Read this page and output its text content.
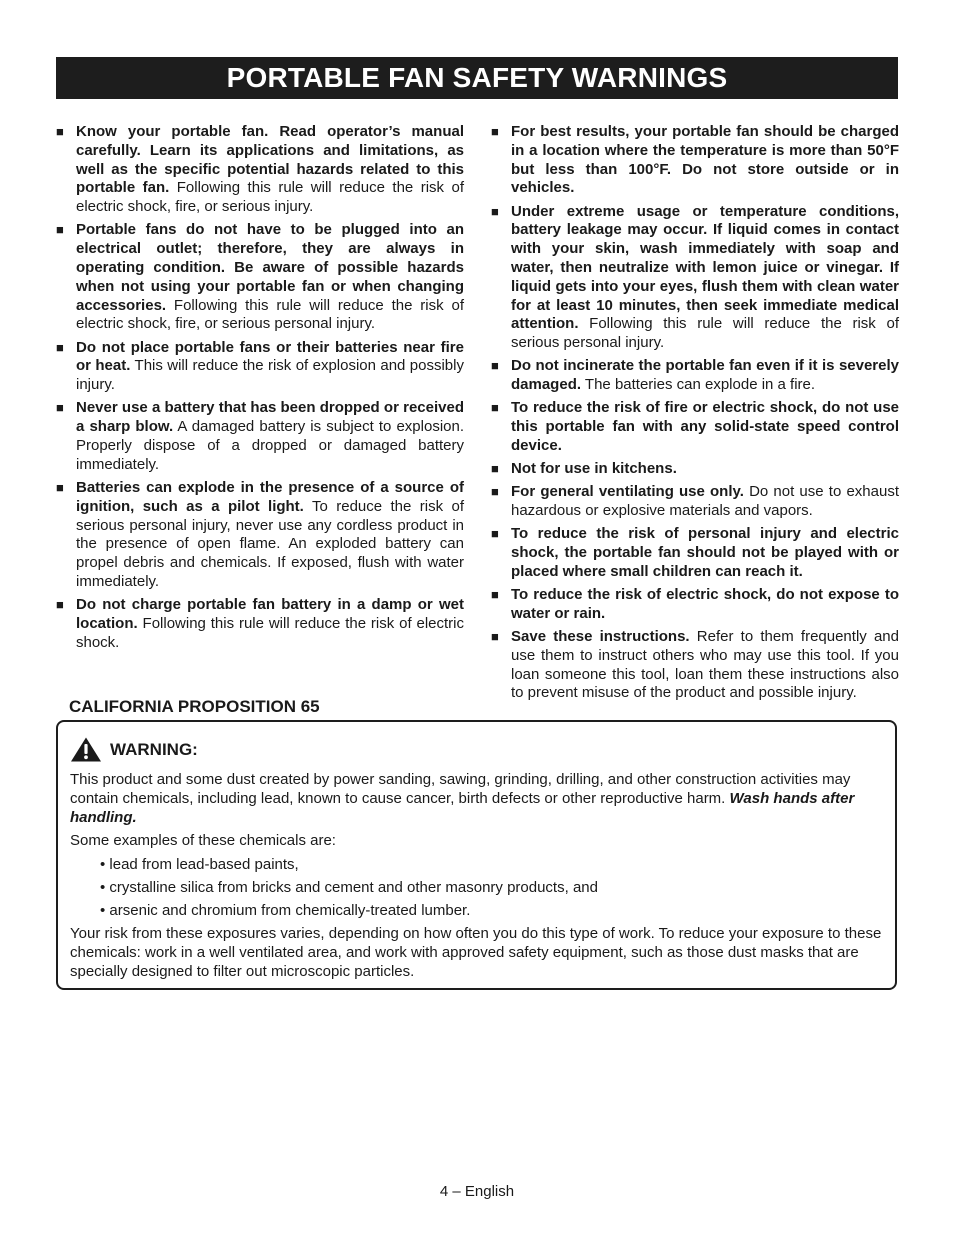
PORTABLE FAN SAFETY WARNINGS
■ Know your portable fan. Read operator’s manual carefully. Learn its applications and limitations, as well as the specific potential hazards related to this portable fan. Following this rule will reduce the risk of electric shock, fire, or serious injury.
■ Portable fans do not have to be plugged into an electrical outlet; therefore, they are always in operating condition. Be aware of possible hazards when not using your portable fan or when changing accessories. Following this rule will reduce the risk of electric shock, fire, or serious personal injury.
■ Do not place portable fans or their batteries near fire or heat. This will reduce the risk of explosion and possibly injury.
■ Never use a battery that has been dropped or received a sharp blow. A damaged battery is subject to explosion. Properly dispose of a dropped or damaged battery immediately.
■ Batteries can explode in the presence of a source of ignition, such as a pilot light. To reduce the risk of serious personal injury, never use any cordless product in the presence of open flame. An exploded battery can propel debris and chemicals. If exposed, flush with water immediately.
■ Do not charge portable fan battery in a damp or wet location. Following this rule will reduce the risk of electric shock.
■ For best results, your portable fan should be charged in a location where the temperature is more than 50°F but less than 100°F. Do not store outside or in vehicles.
■ Under extreme usage or temperature conditions, battery leakage may occur. If liquid comes in contact with your skin, wash immediately with soap and water, then neutralize with lemon juice or vinegar. If liquid gets into your eyes, flush them with clean water for at least 10 minutes, then seek immediate medical attention. Following this rule will reduce the risk of serious personal injury.
■ Do not incinerate the portable fan even if it is severely damaged. The batteries can explode in a fire.
■ To reduce the risk of fire or electric shock, do not use this portable fan with any solid-state speed control device.
■ Not for use in kitchens.
■ For general ventilating use only. Do not use to exhaust hazardous or explosive materials and vapors.
■ To reduce the risk of personal injury and electric shock, the portable fan should not be played with or placed where small children can reach it.
■ To reduce the risk of electric shock, do not expose to water or rain.
■ Save these instructions. Refer to them frequently and use them to instruct others who may use this tool. If you loan someone this tool, loan them these instructions also to prevent misuse of the product and possible injury.
CALIFORNIA PROPOSITION 65
WARNING:

This product and some dust created by power sanding, sawing, grinding, drilling, and other construction activities may contain chemicals, including lead, known to cause cancer, birth defects or other reproductive harm. Wash hands after handling.

Some examples of these chemicals are:

• lead from lead-based paints,
• crystalline silica from bricks and cement and other masonry products, and
• arsenic and chromium from chemically-treated lumber.

Your risk from these exposures varies, depending on how often you do this type of work. To reduce your exposure to these chemicals: work in a well ventilated area, and work with approved safety equipment, such as those dust masks that are specially designed to filter out microscopic particles.

4 – English
